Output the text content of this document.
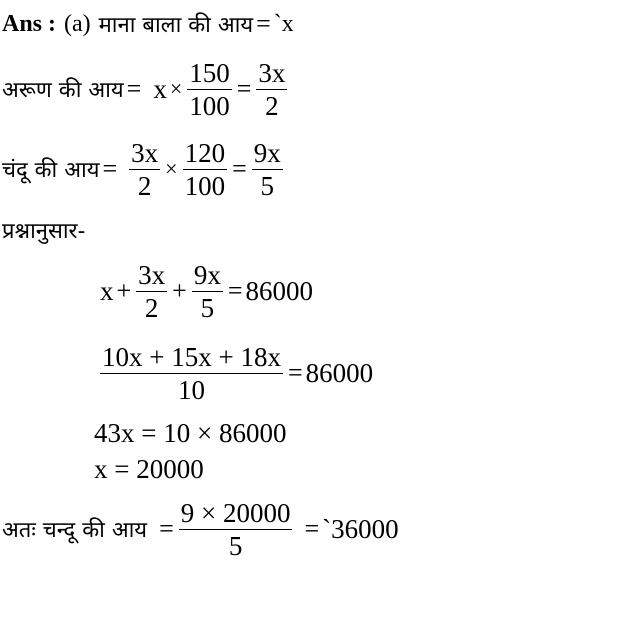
Ans : (a) माना बाला की आय = `x
अरूण की आय = $x \times \frac{150}{100} = \frac{3x}{2}$
चंदू की आय = $\frac{3x}{2} \times \frac{120}{100} = \frac{9x}{5}$
प्रश्नानुसार-
$x + \frac{3x}{2} + \frac{9x}{5} = 86000$
$\frac{10x + 15x + 18x}{10} = 86000$
43x = 10 × 86000
x = 20000
अतः चन्दू की आय = $\frac{9 \times 20000}{5}$ = `36000
